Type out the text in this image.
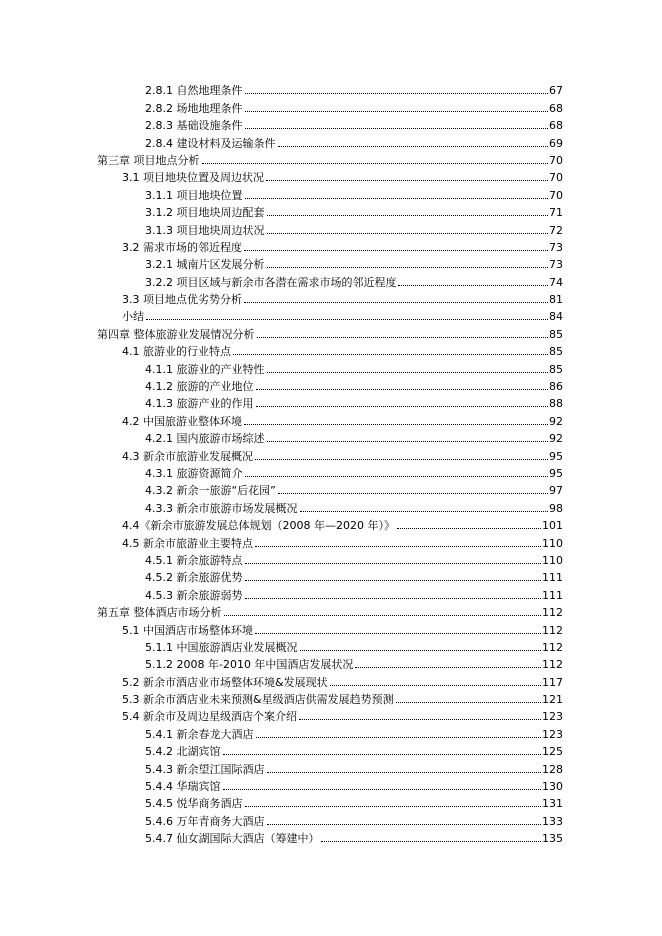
2.8.1 自然地理条件	67
2.8.2 场地地理条件	68
2.8.3 基础设施条件	68
2.8.4 建设材料及运输条件	69
第三章 项目地点分析	70
3.1 项目地块位置及周边状况	70
3.1.1 项目地块位置	70
3.1.2 项目地块周边配套	71
3.1.3 项目地块周边状况	72
3.2 需求市场的邻近程度	73
3.2.1 城南片区发展分析	73
3.2.2 项目区域与新余市各潜在需求市场的邻近程度	74
3.3 项目地点优劣势分析	81
小结	84
第四章 整体旅游业发展情况分析	85
4.1 旅游业的行业特点	85
4.1.1 旅游业的产业特性	85
4.1.2 旅游的产业地位	86
4.1.3 旅游产业的作用	88
4.2 中国旅游业整体环境	92
4.2.1 国内旅游市场综述	92
4.3 新余市旅游业发展概况	95
4.3.1 旅游资源简介	95
4.3.2 新余一旅游“后花园”	97
4.3.3 新余市旅游市场发展概况	98
4.4《新余市旅游发展总体规划（2008 年—2020 年）》	101
4.5 新余市旅游业主要特点	110
4.5.1 新余旅游特点	110
4.5.2 新余旅游优势	111
4.5.3 新余旅游弱势	111
第五章 整体酒店市场分析	112
5.1 中国酒店市场整体环境	112
5.1.1 中国旅游酒店业发展概况	112
5.1.2 2008 年-2010 年中国酒店发展状况	112
5.2 新余市酒店业市场整体环境&发展现状	117
5.3 新余市酒店业未来预测&星级酒店供需发展趋势预测	121
5.4 新余市及周边星级酒店个案介绍	123
5.4.1 新余春龙大酒店	123
5.4.2 北湖宾馆	125
5.4.3 新余望江国际酒店	128
5.4.4 华瑞宾馆	130
5.4.5 悦华商务酒店	131
5.4.6 万年青商务大酒店	133
5.4.7 仙女湖国际大酒店（筹建中）	135
